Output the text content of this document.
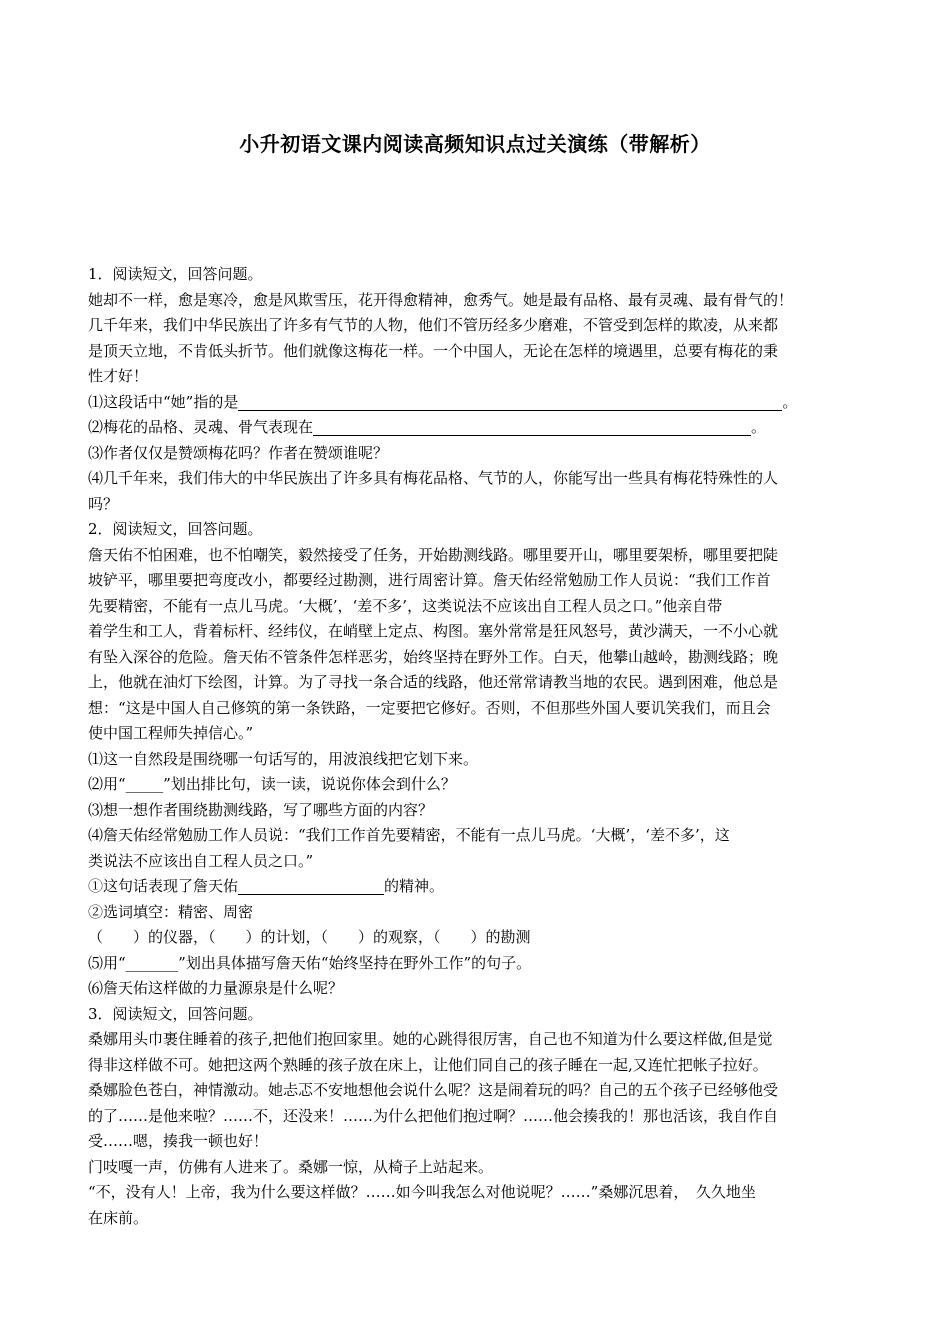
小升初语文课内阅读高频知识点过关演练（带解析）
1．阅读短文，回答问题。
她却不一样，愈是寒冷，愈是风欺雪压，花开得愈精神，愈秀气。她是最有品格、最有灵魂、最有骨气的！
几千年来，我们中华民族出了许多有气节的人物，他们不管历经多少磨难，不管受到怎样的欺凌，从来都
是顶天立地，不肯低头折节。他们就像这梅花一样。一个中国人，无论在怎样的境遇里，总要有梅花的秉
性才好！
⑴这段话中“她”指的是	。
⑵梅花的品格、灵魂、骨气表现在	。
⑶作者仅仅是赞颂梅花吗？作者在赞颂谁呢？
⑷几千年来，我们伟大的中华民族出了许多具有梅花品格、气节的人，你能写出一些具有梅花特殊性的人
吗？
2．阅读短文，回答问题。
詹天佑不怕困难，也不怕嘲笑，毅然接受了任务，开始勘测线路。哪里要开山，哪里要架桥，哪里要把陡
坡铲平，哪里要把弯度改小，都要经过勘测，进行周密计算。詹天佑经常勉励工作人员说：“我们工作首
先要精密，不能有一点儿马虎。‘大概’，‘差不多’，这类说法不应该出自工程人员之口。”他亲自带
着学生和工人，背着标杆、经纬仪，在峭壁上定点、构图。塞外常常是狂风怒号，黄沙满天，一不小心就
有坠入深谷的危险。詹天佑不管条件怎样恶劣，始终坚持在野外工作。白天，他攀山越岭，勘测线路；晚
上，他就在油灯下绘图，计算。为了寻找一条合适的线路，他还常常请教当地的农民。遇到困难，他总是
想：“这是中国人自己修筑的第一条铁路，一定要把它修好。否则，不但那些外国人要讥笑我们，而且会
使中国工程师失掉信心。”
⑴这一自然段是围绕哪一句话写的，用波浪线把它划下来。
⑵用“_____”划出排比句，读一读，说说你体会到什么？
⑶想一想作者围绕勘测线路，写了哪些方面的内容？
⑷詹天佑经常勉励工作人员说：“我们工作首先要精密，不能有一点儿马虎。‘大概’，‘差不多’，这
类说法不应该出自工程人员之口。”
①这句话表现了詹天佑	的精神。
②选词填空：精密、周密
（　　）的仪器，（　　）的计划，（　　）的观察，（　　）的勘测
⑸用“_______”划出具体描写詹天佑“始终坚持在野外工作”的句子。
⑹詹天佑这样做的力量源泉是什么呢？
3．阅读短文，回答问题。
桑娜用头巾裹住睡着的孩子,把他们抱回家里。她的心跳得很厉害，自己也不知道为什么要这样做,但是觉
得非这样做不可。她把这两个熟睡的孩子放在床上，让他们同自己的孩子睡在一起,又连忙把帐子拉好。
桑娜脸色苍白，神情激动。她忐忑不安地想他会说什么呢？这是闹着玩的吗？自己的五个孩子已经够他受
的了……是他来啦？……不，还没来！……为什么把他们抱过啊？……他会揍我的！那也活该，我自作自
受……嗯，揍我一顿也好！
门吱嘎一声，仿佛有人进来了。桑娜一惊，从椅子上站起来。
“不，没有人！上帝，我为什么要这样做？……如今叫我怎么对他说呢？……”桑娜沉思着，　久久地坐
在床前。
